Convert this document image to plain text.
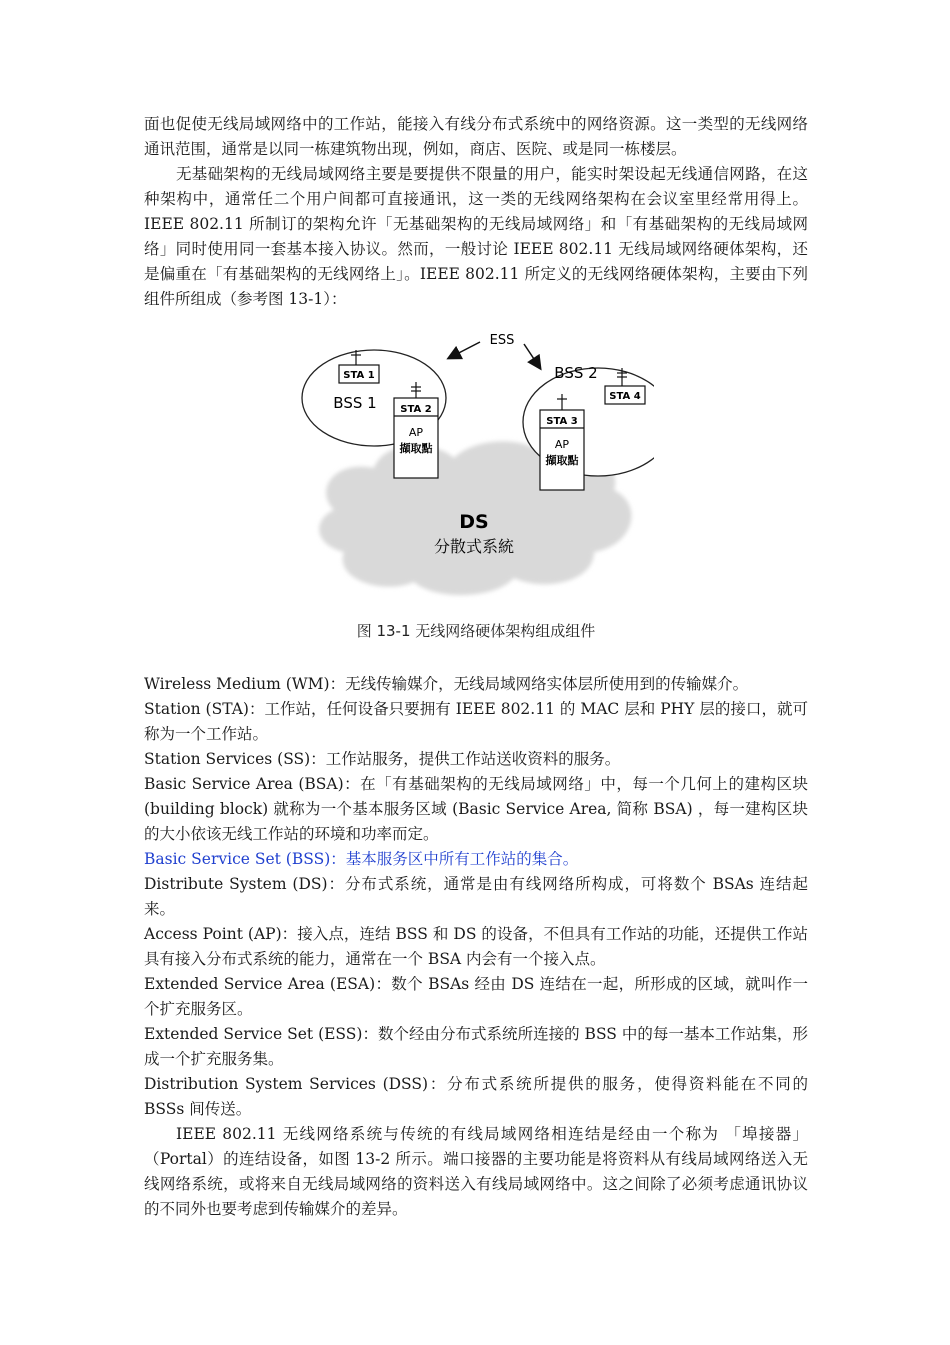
面也促使无线局域网络中的工作站，能接入有线分布式系统中的网络资源。这一类型的无线网络通讯范围，通常是以同一栋建筑物出现，例如，商店、医院、或是同一栋楼层。

无基础架构的无线局域网络主要是要提供不限量的用户，能实时架设起无线通信网路，在这种架构中，通常任二个用户间都可直接通讯，这一类的无线网络架构在会议室里经常用得上。IEEE 802.11 所制订的架构允许「无基础架构的无线局域网络」和「有基础架构的无线局域网络」同时使用同一套基本接入协议。然而，一般讨论 IEEE 802.11 无线局域网络硬体架构，还是偏重在「有基础架构的无线网络上」。IEEE 802.11 所定义的无线网络硬体架构，主要由下列组件所组成（参考图 13-1）：

ESS
STA 1
BSS 1 STA 2
AP
擷取點
BSS 2
STA 4
STA 3
AP
擷取點
DS
分散式系統
图 13-1 无线网络硬体架构组成组件

Wireless Medium (WM)：无线传输媒介，无线局域网络实体层所使用到的传输媒介。

Station (STA)：工作站，任何设备只要拥有 IEEE 802.11 的 MAC 层和 PHY 层的接口，就可称为一个工作站。

Station Services (SS)：工作站服务，提供工作站送收资料的服务。

Basic Service Area (BSA)：在「有基础架构的无线局域网络」中，每一个几何上的建构区块 (building block) 就称为一个基本服务区域 (Basic Service Area, 简称 BSA) ，每一建构区块的大小依该无线工作站的环境和功率而定。

Basic Service Set (BSS)：基本服务区中所有工作站的集合。

Distribute System (DS)：分布式系统，通常是由有线网络所构成，可将数个 BSAs 连结起来。

Access Point (AP)：接入点，连结 BSS 和 DS 的设备，不但具有工作站的功能，还提供工作站具有接入分布式系统的能力，通常在一个 BSA 内会有一个接入点。

Extended Service Area (ESA)：数个 BSAs 经由 DS 连结在一起，所形成的区域，就叫作一个扩充服务区。

Extended Service Set (ESS)：数个经由分布式系统所连接的 BSS 中的每一基本工作站集，形成一个扩充服务集。

Distribution System Services (DSS)：分布式系统所提供的服务，使得资料能在不同的 BSSs 间传送。

IEEE 802.11 无线网络系统与传统的有线局域网络相连结是经由一个称为 「埠接器」（Portal）的连结设备，如图 13-2 所示。端口接器的主要功能是将资料从有线局域网络送入无线网络系统，或将来自无线局域网络的资料送入有线局域网络中。这之间除了必须考虑通讯协议的不同外也要考虑到传输媒介的差异。
